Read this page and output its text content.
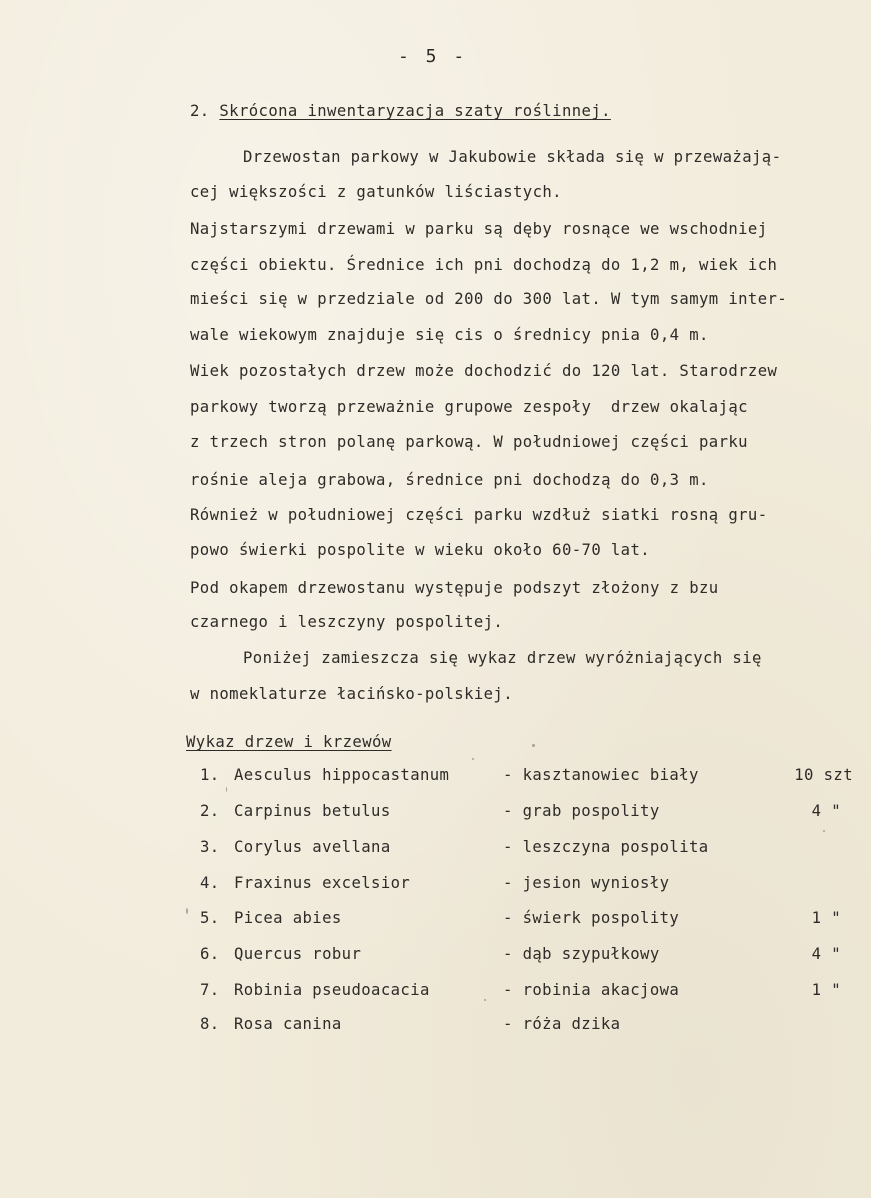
- 5 -
2. Skrócona inwentaryzacja szaty roślinnej.
Drzewostan parkowy w Jakubowie składa się w przeważają-
cej większości z gatunków liściastych.
Najstarszymi drzewami w parku są dęby rosnące we wschodniej
części obiektu. Średnice ich pni dochodzą do 1,2 m, wiek ich
mieści się w przedziale od 200 do 300 lat. W tym samym inter-
wale wiekowym znajduje się cis o średnicy pnia 0,4 m.
Wiek pozostałych drzew może dochodzić do 120 lat. Starodrzew
parkowy tworzą przeważnie grupowe zespoły  drzew okalając
z trzech stron polanę parkową. W południowej części parku
rośnie aleja grabowa, średnice pni dochodzą do 0,3 m.
Również w południowej części parku wzdłuż siatki rosną gru-
powo świerki pospolite w wieku około 60-70 lat.
Pod okapem drzewostanu występuje podszyt złożony z bzu
czarnego i leszczyny pospolitej.
Poniżej zamieszcza się wykaz drzew wyróżniających się
w nomeklaturze łacińsko-polskiej.
Wykaz drzew i krzewów
1. Aesculus hippocastanum	- kasztanowiec biały	10 szt
2. Carpinus betulus	- grab pospolity	4 "
3. Corylus avellana	- leszczyna pospolita
4. Fraxinus excelsior	- jesion wyniosły
5. Picea abies	- świerk pospolity	1 "
6. Quercus robur	- dąb szypułkowy	4 "
7. Robinia pseudoacacia	- robinia akacjowa	1 "
8. Rosa canina	- róża dzika
